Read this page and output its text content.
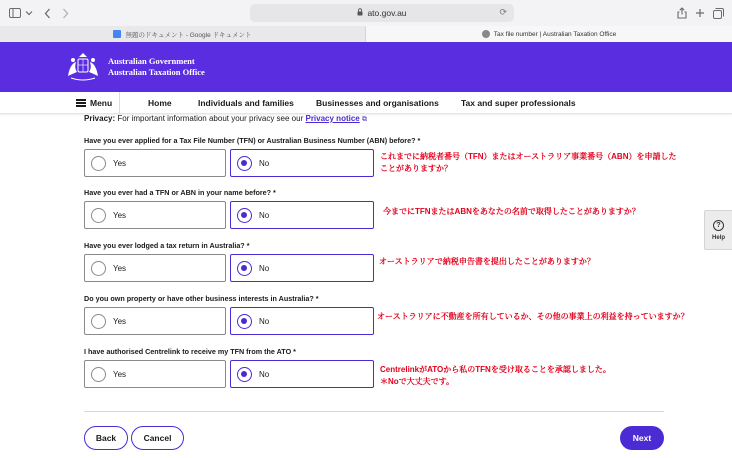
ato.gov.au	⟳
無題のドキュメント - Google ドキュメント	Tax file number | Australian Taxation Office
Australian Government
Australian Taxation Office
Menu	Home	Individuals and families	Businesses and organisations	Tax and super professionals
Privacy: For important information about your privacy see our Privacy notice ⧉
Have you ever applied for a Tax File Number (TFN) or Australian Business Number (ABN) before? *
Yes	No
これまでに納税者番号（TFN）またはオーストラリア事業番号（ABN）を申請したことがありますか？
Have you ever had a TFN or ABN in your name before? *
Yes	No	今までにTFNまたはABNをあなたの名前で取得したことがありますか？
Have you ever lodged a tax return in Australia? *
Yes	No
オーストラリアで納税申告書を提出したことがありますか？
Do you own property or have other business interests in Australia? *
Yes	No	オーストラリアに不動産を所有しているか、その他の事業上の利益を持っていますか？
I have authorised Centrelink to receive my TFN from the ATO *
Yes	No	CentrelinkがATOから私のTFNを受け取ることを承認しました。
＊Noで大丈夫です。
Back	Cancel	Next
?
Help
